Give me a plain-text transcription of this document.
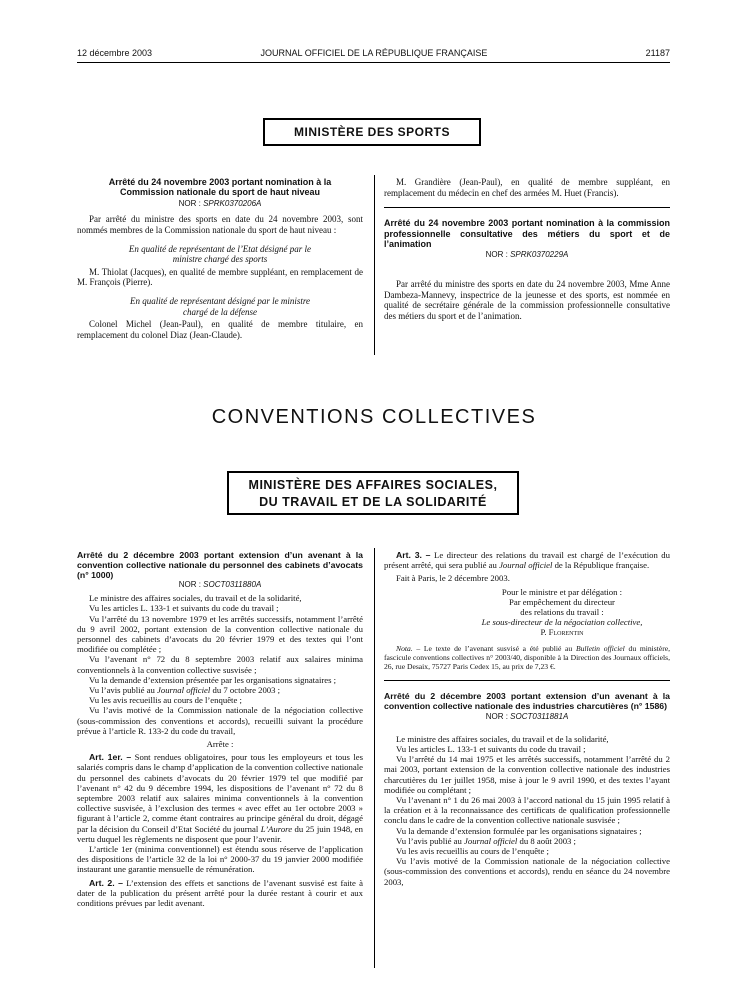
12 décembre 2003	JOURNAL OFFICIEL DE LA RÉPUBLIQUE FRANÇAISE	21187
MINISTÈRE DES SPORTS

Arrêté du 24 novembre 2003 portant nomination à la Commission nationale du sport de haut niveau

NOR : SPRK0370206A

Par arrêté du ministre des sports en date du 24 novembre 2003, sont nommés membres de la Commission nationale du sport de haut niveau :

En qualité de représentant de l’Etat désigné par le ministre chargé des sports

M. Thiolat (Jacques), en qualité de membre suppléant, en remplacement de M. François (Pierre).

En qualité de représentant désigné par le ministre chargé de la défense

Colonel Michel (Jean-Paul), en qualité de membre titulaire, en remplacement du colonel Diaz (Jean-Claude).

M. Grandière (Jean-Paul), en qualité de membre suppléant, en remplacement du médecin en chef des armées M. Huet (Francis).

Arrêté du 24 novembre 2003 portant nomination à la commission professionnelle consultative des métiers du sport et de l’animation

NOR : SPRK0370229A

Par arrêté du ministre des sports en date du 24 novembre 2003, Mme Anne Dambeza-Mannevy, inspectrice de la jeunesse et des sports, est nommée en qualité de secrétaire générale de la commission professionnelle consultative des métiers du sport et de l’animation.

CONVENTIONS COLLECTIVES
MINISTÈRE DES AFFAIRES SOCIALES,
DU TRAVAIL ET DE LA SOLIDARITÉ

Arrêté du 2 décembre 2003 portant extension d’un avenant à la convention collective nationale du personnel des cabinets d’avocats (n° 1000)

NOR : SOCT0311880A

Le ministre des affaires sociales, du travail et de la solidarité,

Vu les articles L. 133-1 et suivants du code du travail ;

Vu l’arrêté du 13 novembre 1979 et les arrêtés successifs, notamment l’arrêté du 9 avril 2002, portant extension de la convention collective nationale du personnel des cabinets d’avocats du 20 février 1979 et des textes qui l’ont modifiée ou complétée ;

Vu l’avenant n° 72 du 8 septembre 2003 relatif aux salaires minima conventionnels à la convention collective susvisée ;

Vu la demande d’extension présentée par les organisations signataires ;

Vu l’avis publié au Journal officiel du 7 octobre 2003 ;

Vu les avis recueillis au cours de l’enquête ;

Vu l’avis motivé de la Commission nationale de la négociation collective (sous-commission des conventions et accords), recueilli suivant la procédure prévue à l’article R. 133-2 du code du travail,

Arrête :

Art. 1er. – Sont rendues obligatoires, pour tous les employeurs et tous les salariés compris dans le champ d’application de la convention collective nationale du personnel des cabinets d’avocats du 20 février 1979 tel que modifié par l’avenant n° 42 du 9 décembre 1994, les dispositions de l’avenant n° 72 du 8 septembre 2003 relatif aux salaires minima conventionnels à la convention collective susvisée, à l’exclusion des termes « avec effet au 1er octobre 2003 » figurant à l’article 2, comme étant contraires au principe général du droit, dégagé par la décision du Conseil d’Etat Société du journal L’Aurore du 25 juin 1948, en vertu duquel les règlements ne disposent que pour l’avenir.

L’article 1er (minima conventionnel) est étendu sous réserve de l’application des dispositions de l’article 32 de la loi n° 2000-37 du 19 janvier 2000 modifiée instaurant une garantie mensuelle de rémunération.

Art. 2. – L’extension des effets et sanctions de l’avenant susvisé est faite à dater de la publication du présent arrêté pour la durée restant à courir et aux conditions prévues par ledit avenant.

Art. 3. – Le directeur des relations du travail est chargé de l’exécution du présent arrêté, qui sera publié au Journal officiel de la République française.

Fait à Paris, le 2 décembre 2003.

Pour le ministre et par délégation :

Par empêchement du directeur

des relations du travail :

Le sous-directeur de la négociation collective,

P. Florentin

Nota. – Le texte de l’avenant susvisé a été publié au Bulletin officiel du ministère, fascicule conventions collectives n° 2003/40, disponible à la Direction des Journaux officiels, 26, rue Desaix, 75727 Paris Cedex 15, au prix de 7,23 €.

Arrêté du 2 décembre 2003 portant extension d’un avenant à la convention collective nationale des industries charcutières (n° 1586)

NOR : SOCT0311881A

Le ministre des affaires sociales, du travail et de la solidarité,

Vu les articles L. 133-1 et suivants du code du travail ;

Vu l’arrêté du 14 mai 1975 et les arrêtés successifs, notamment l’arrêté du 2 mai 2003, portant extension de la convention collective nationale des industries charcutières du 1er juillet 1958, mise à jour le 9 avril 1990, et des textes l’ayant modifiée ou complétant ;

Vu l’avenant n° 1 du 26 mai 2003 à l’accord national du 15 juin 1995 relatif à la création et à la reconnaissance des certificats de qualification professionnelle conclu dans le cadre de la convention collective nationale susvisée ;

Vu la demande d’extension formulée par les organisations signataires ;

Vu l’avis publié au Journal officiel du 8 août 2003 ;

Vu les avis recueillis au cours de l’enquête ;

Vu l’avis motivé de la Commission nationale de la négociation collective (sous-commission des conventions et accords), rendu en séance du 24 novembre 2003,
